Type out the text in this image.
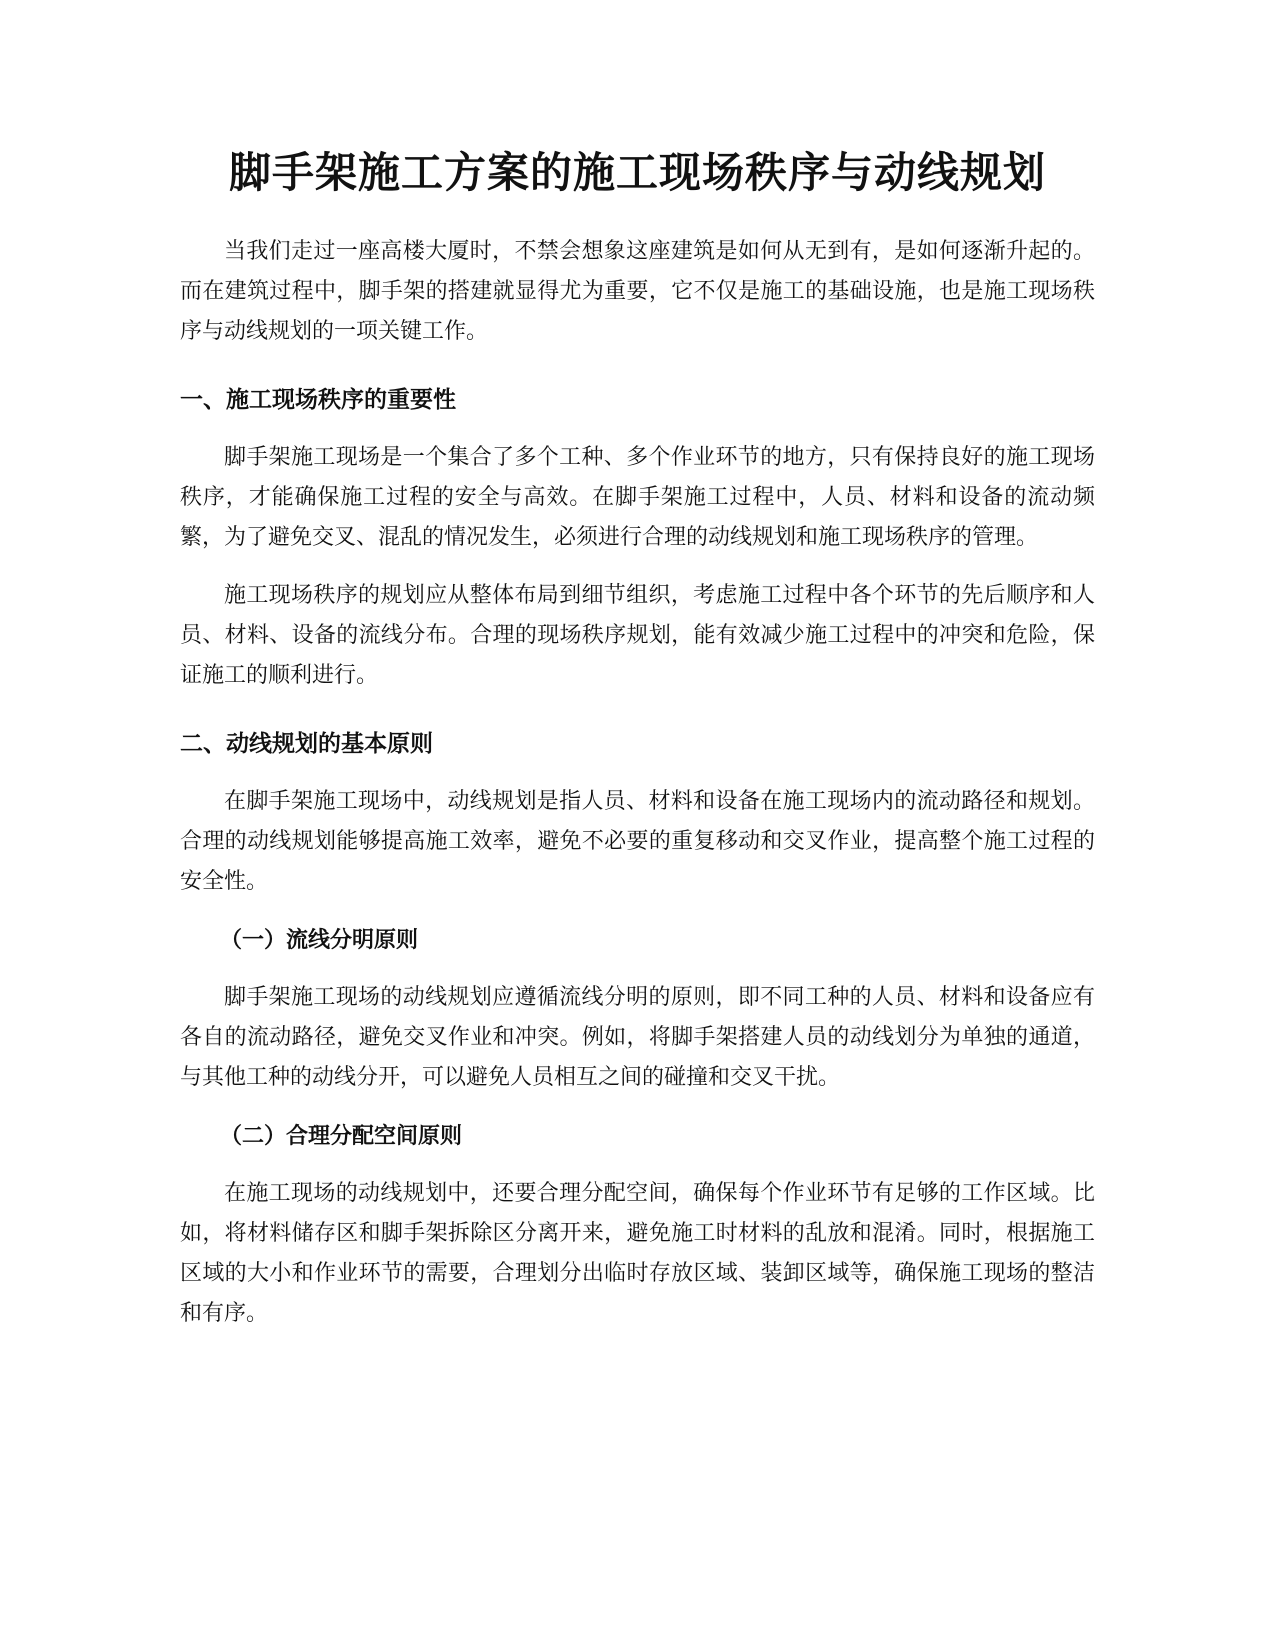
脚手架施工方案的施工现场秩序与动线规划

当我们走过一座高楼大厦时，不禁会想象这座建筑是如何从无到有，是如何逐渐升起的。而在建筑过程中，脚手架的搭建就显得尤为重要，它不仅是施工的基础设施，也是施工现场秩序与动线规划的一项关键工作。

一、施工现场秩序的重要性

脚手架施工现场是一个集合了多个工种、多个作业环节的地方，只有保持良好的施工现场秩序，才能确保施工过程的安全与高效。在脚手架施工过程中，人员、材料和设备的流动频繁，为了避免交叉、混乱的情况发生，必须进行合理的动线规划和施工现场秩序的管理。

施工现场秩序的规划应从整体布局到细节组织，考虑施工过程中各个环节的先后顺序和人员、材料、设备的流线分布。合理的现场秩序规划，能有效减少施工过程中的冲突和危险，保证施工的顺利进行。

二、动线规划的基本原则

在脚手架施工现场中，动线规划是指人员、材料和设备在施工现场内的流动路径和规划。合理的动线规划能够提高施工效率，避免不必要的重复移动和交叉作业，提高整个施工过程的安全性。

（一）流线分明原则

脚手架施工现场的动线规划应遵循流线分明的原则，即不同工种的人员、材料和设备应有各自的流动路径，避免交叉作业和冲突。例如，将脚手架搭建人员的动线划分为单独的通道，与其他工种的动线分开，可以避免人员相互之间的碰撞和交叉干扰。

（二）合理分配空间原则

在施工现场的动线规划中，还要合理分配空间，确保每个作业环节有足够的工作区域。比如，将材料储存区和脚手架拆除区分离开来，避免施工时材料的乱放和混淆。同时，根据施工区域的大小和作业环节的需要，合理划分出临时存放区域、装卸区域等，确保施工现场的整洁和有序。
